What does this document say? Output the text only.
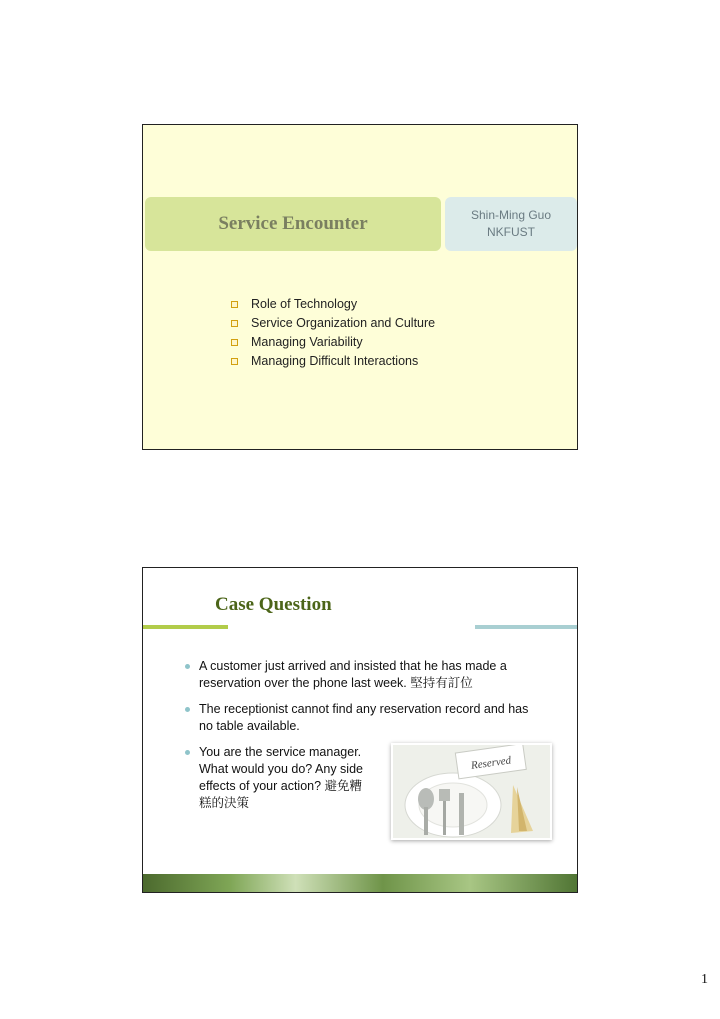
Service Encounter	Shin-Ming Guo
NKFUST
Role of Technology
Service Organization and Culture
Managing Variability
Managing Difficult Interactions
Case Question
A customer just arrived and insisted that he has made a reservation over the phone last week. 堅持有訂位
The receptionist cannot find any reservation record and has no table available.
You are the service manager. What would you do? Any side effects of your action? 避免糟糕的決策
Reserved
1
